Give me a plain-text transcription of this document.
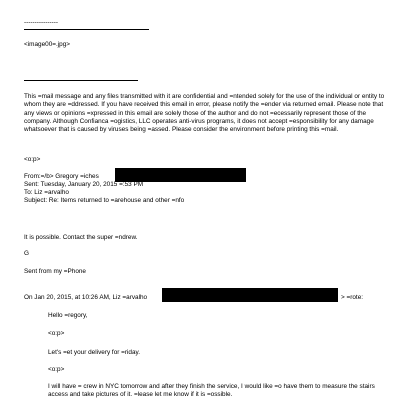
----------------
<image00=.jpg>
This =mail message and any files transmitted with it are confidential and =ntended solely for the use of the individual or entity to whom they are =ddressed. If you have received this email in error, please notify the =ender via returned email. Please note that any views or opinions =xpressed in this email are solely those of the author and do not =ecessarily represent those of the company. Although Confianca =ogistics, LLC operates anti-virus programs, it does not accept =esponsibility for any damage whatsoever that is caused by viruses being =assed. Please consider the environment before printing this =mail.
<o:p>
From:=/b> Gregory =iches
Sent: Tuesday, January 20, 2015 =:53 PM
To: Liz =arvalho
Subject: Re: Items returned to =arehouse and other =nfo
It is possible. Contact the super =ndrew.
G
Sent from my =Phone
On Jan 20, 2015, at 10:26 AM, Liz =arvalho	> =rote:
Hello =regory,
<o:p>
Let's =et your delivery for =riday.
<o:p>
I will have = crew in NYC tomorrow and after they finish the service, I would like =o have them to measure the stairs access and take pictures of it. =lease let me know if it is =ossible.
